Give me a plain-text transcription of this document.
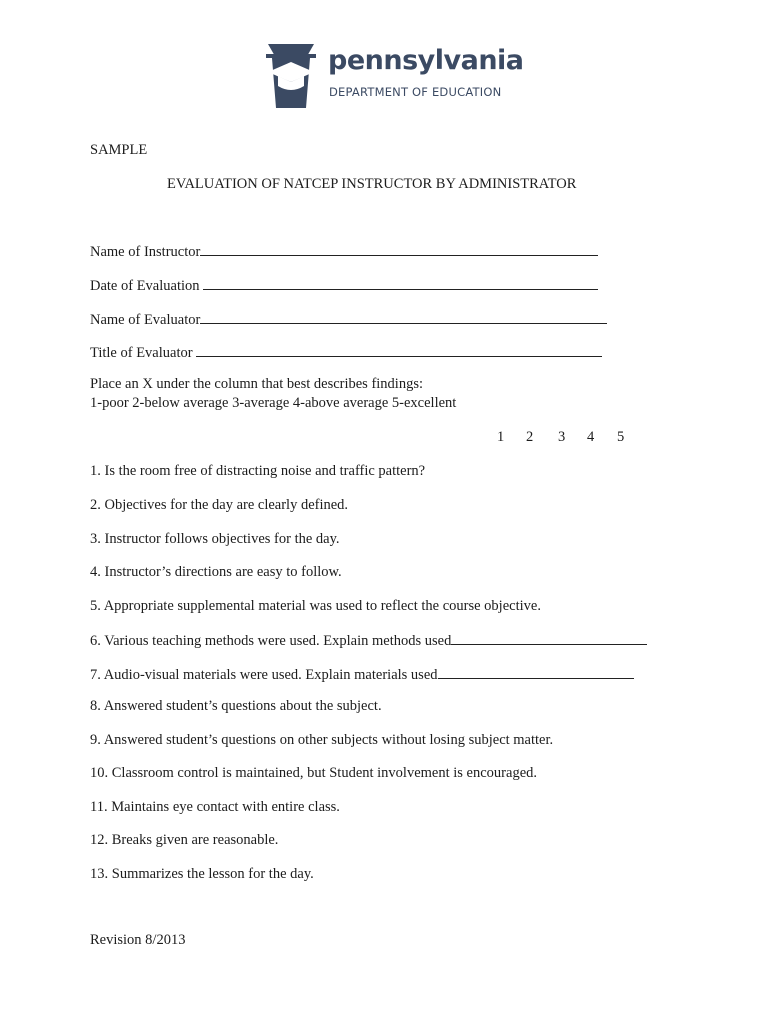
pennsylvania
DEPARTMENT OF EDUCATION
SAMPLE
EVALUATION OF NATCEP INSTRUCTOR BY ADMINISTRATOR
Name of Instructor
Date of Evaluation
Name of Evaluator
Title of Evaluator
Place an X under the column that best describes findings:
1-poor 2-below average 3-average 4-above average 5-excellent
1 2 3 4 5
1. Is the room free of distracting noise and traffic pattern?
2. Objectives for the day are clearly defined.
3. Instructor follows objectives for the day.
4. Instructor’s directions are easy to follow.
5. Appropriate supplemental material was used to reflect the course objective.
6. Various teaching methods were used. Explain methods used
7. Audio-visual materials were used. Explain materials used
8. Answered student’s questions about the subject.
9. Answered student’s questions on other subjects without losing subject matter.
10. Classroom control is maintained, but Student involvement is encouraged.
11. Maintains eye contact with entire class.
12. Breaks given are reasonable.
13. Summarizes the lesson for the day.
Revision 8/2013
